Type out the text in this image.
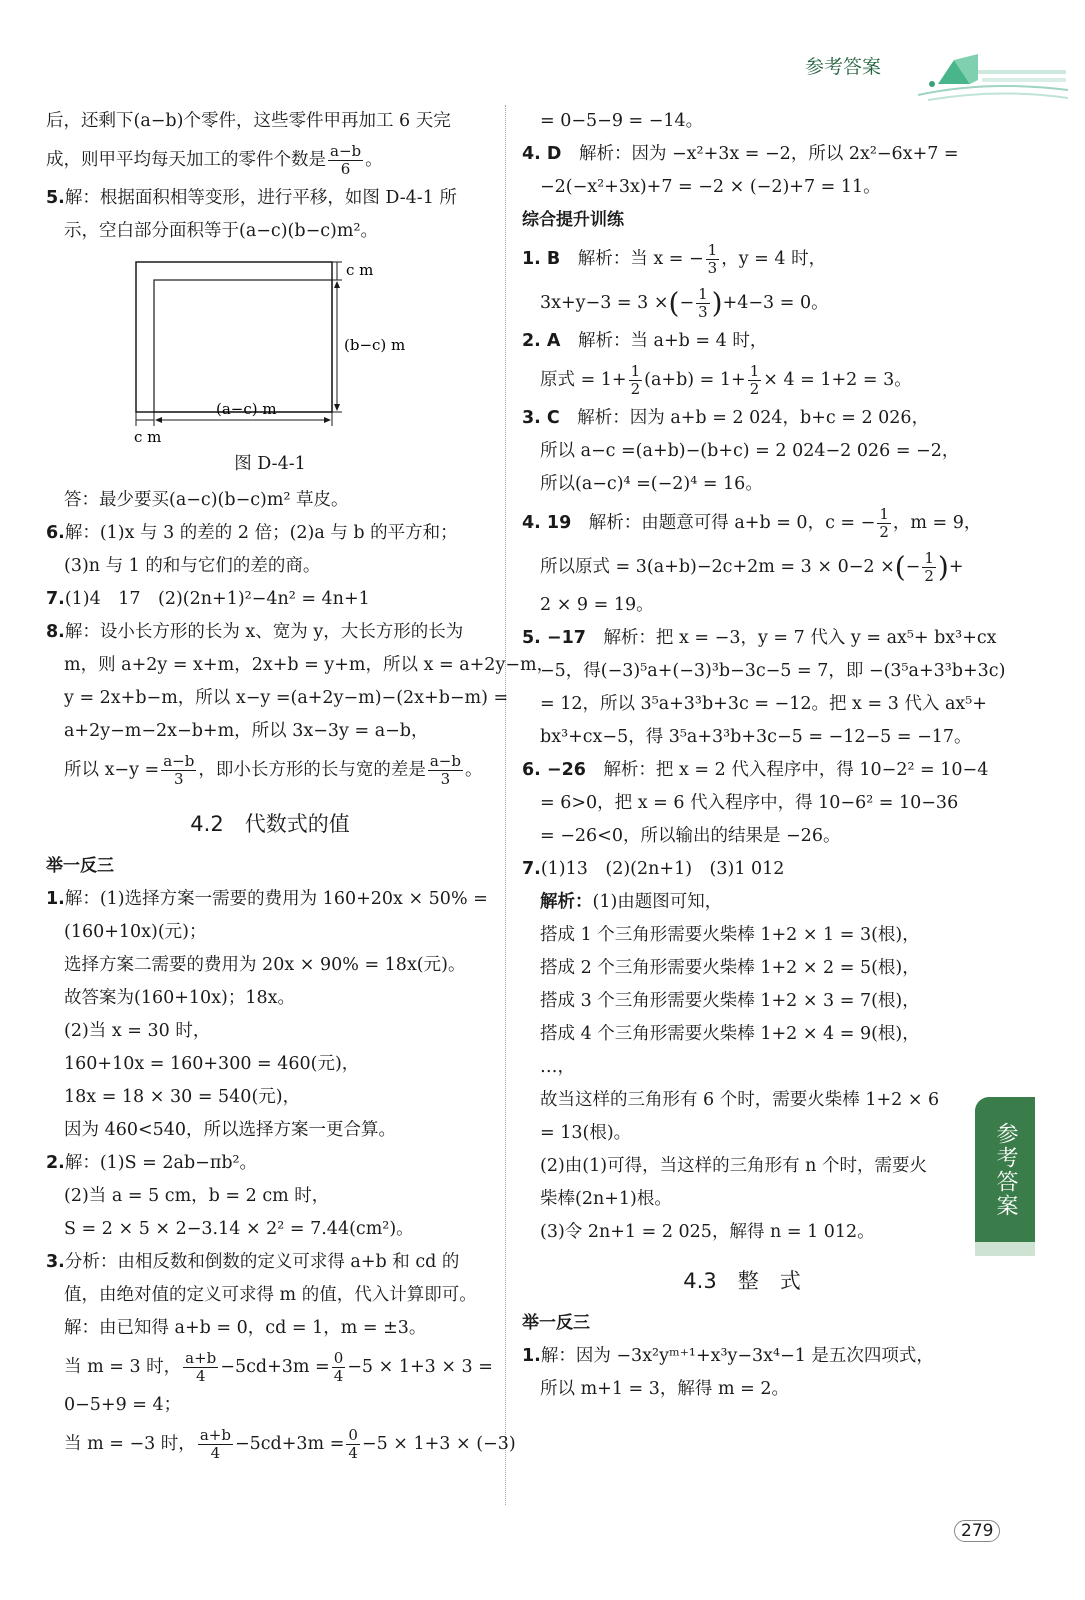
参考答案
后，还剩下(a−b)个零件，这些零件甲再加工 6 天完
成，则甲平均每天加工的零件个数是 $\frac{a-b}{6}$ 。
5.解：根据面积相等变形，进行平移，如图 D-4-1 所
示，空白部分面积等于(a−c)(b−c)m²。
c m
(b−c) m
(a−c) m
c m
图 D-4-1
答：最少要买(a−c)(b−c)m² 草皮。
6.解：(1)x 与 3 的差的 2 倍；(2)a 与 b 的平方和；
(3)n 与 1 的和与它们的差的商。
7.(1)4　17　(2)(2n+1)²−4n² = 4n+1
8.解：设小长方形的长为 x、宽为 y，大长方形的长为
m，则 a+2y = x+m，2x+b = y+m，所以 x = a+2y−m，
y = 2x+b−m，所以 x−y =(a+2y−m)−(2x+b−m) =
a+2y−m−2x−b+m，所以 3x−3y = a−b，
所以 $x-y = \frac{a-b}{3}$ ，即小长方形的长与宽的差是 $\frac{a-b}{3}$ 。
4.2　代数式的值
举一反三
1.解：(1)选择方案一需要的费用为 160+20x × 50% =
(160+10x)(元)；
选择方案二需要的费用为 20x × 90% = 18x(元)。
故答案为(160+10x)；18x。
(2)当 x = 30 时，
160+10x = 160+300 = 460(元)，
18x = 18 × 30 = 540(元)，
因为 460<540，所以选择方案一更合算。
2.解：(1)S = 2ab−πb²。
(2)当 a = 5 cm，b = 2 cm 时，
S = 2 × 5 × 2−3.14 × 2² = 7.44(cm²)。
3.分析：由相反数和倒数的定义可求得 a+b 和 cd 的
值，由绝对值的定义可求得 m 的值，代入计算即可。
解：由已知得 a+b = 0，cd = 1，m = ±3。
当 m = 3 时， $\frac{a+b}{4} -5cd+3m = \frac{0}{4} -5 \times 1+3 \times 3$ =
0−5+9 = 4；
当 m = −3 时， $\frac{a+b}{4} -5cd+3m = \frac{0}{4} -5 \times 1+3 \times (-3)$
= 0−5−9 = −14。
4. D　 解析：因为 −x²+3x = −2，所以 2x²−6x+7 =
−2(−x²+3x)+7 = −2 × (−2)+7 = 11。
综合提升训练
1. B　 解析：当 x = − $\frac{1}{3}$ ，y = 4 时，
3x+y−3 = 3 ×(− $\frac{1}{3} )+4-3 = 0$。
2. A　 解析：当 a+b = 4 时，
原式 = $1+ \frac{1}{2} (a+b) = 1+ \frac{1}{2} \times 4 = 1+2 = 3$。
3. C　 解析：因为 a+b = 2 024，b+c = 2 026，
所以 a−c =(a+b)−(b+c) = 2 024−2 026 = −2，
所以(a−c)⁴ =(−2)⁴ = 16。
4. 19　 解析：由题意可得 a+b = 0，c = − $\frac{1}{2}$ ，m = 9，
所以原式 = 3(a+b)−2c+2m = 3 × 0−2 ×(− $\frac{1}{2}$ )+
2 × 9 = 19。
5. −17　 解析：把 x = −3，y = 7 代入 y = ax⁵+ bx³+cx
−5，得(−3)⁵a+(−3)³b−3c−5 = 7，即 −(3⁵a+3³b+3c)
= 12，所以 3⁵a+3³b+3c = −12。把 x = 3 代入 ax⁵+
bx³+cx−5，得 3⁵a+3³b+3c−5 = −12−5 = −17。
6. −26　 解析：把 x = 2 代入程序中，得 10−2² = 10−4
= 6>0，把 x = 6 代入程序中，得 10−6² = 10−36
= −26<0，所以输出的结果是 −26。
7.(1)13　(2)(2n+1)　(3)1 012
解析：(1)由题图可知，
搭成 1 个三角形需要火柴棒 1+2 × 1 = 3(根)，
搭成 2 个三角形需要火柴棒 1+2 × 2 = 5(根)，
搭成 3 个三角形需要火柴棒 1+2 × 3 = 7(根)，
搭成 4 个三角形需要火柴棒 1+2 × 4 = 9(根)，
…，
故当这样的三角形有 6 个时，需要火柴棒 1+2 × 6
= 13(根)。
(2)由(1)可得，当这样的三角形有 n 个时，需要火
柴棒(2n+1)根。
(3)令 2n+1 = 2 025，解得 n = 1 012。
4.3　整　式
举一反三
1.解：因为 −3x²yᵐ⁺¹+x³y−3x⁴−1 是五次四项式，
所以 m+1 = 3，解得 m = 2。
参考答案
279
